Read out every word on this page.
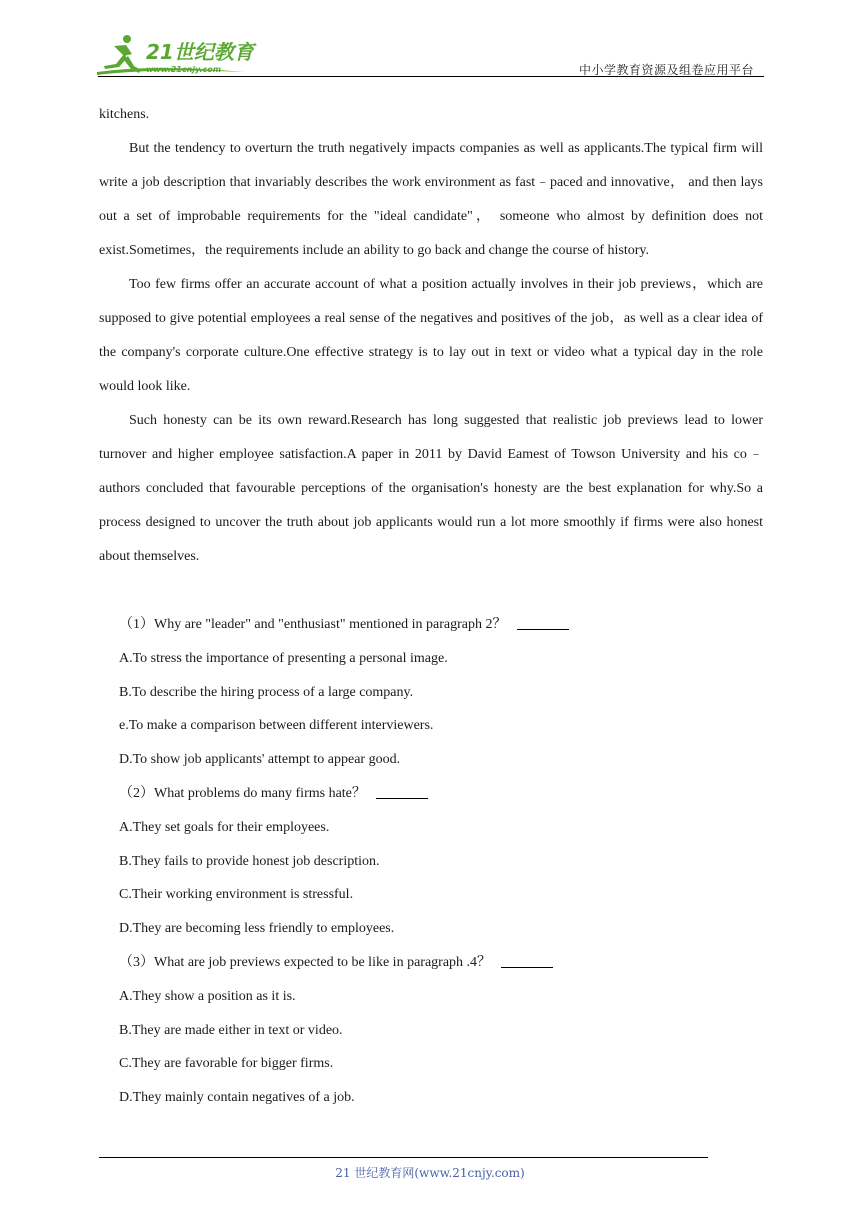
21世纪教育
www.21cnjy.com	中小学教育资源及组卷应用平台

kitchens.

But the tendency to overturn the truth negatively impacts companies as well as applicants.The typical firm will write a job description that invariably describes the work environment as fast﹣paced and innovative， and then lays out a set of improbable requirements for the "ideal candidate"， someone who almost by definition does not exist.Sometimes，the requirements include an ability to go back and change the course of history.

Too few firms offer an accurate account of what a position actually involves in their job previews，which are supposed to give potential employees a real sense of the negatives and positives of the job，as well as a clear idea of the company's corporate culture.One effective strategy is to lay out in text or video what a typical day in the role would look like.

Such honesty can be its own reward.Research has long suggested that realistic job previews lead to lower turnover and higher employee satisfaction.A paper in 2011 by David Eamest of Towson University and his co﹣authors concluded that favourable perceptions of the organisation's honesty are the best explanation for why.So a process designed to uncover the truth about job applicants would run a lot more smoothly if firms were also honest about themselves.

（1）Why are "leader" and "enthusiast" mentioned in paragraph 2？

A.To stress the importance of presenting a personal image.

B.To describe the hiring process of a large company.

e.To make a comparison between different interviewers.

D.To show job applicants' attempt to appear good.

（2）What problems do many firms hate？

A.They set goals for their employees.

B.They fails to provide honest job description.

C.Their working environment is stressful.

D.They are becoming less friendly to employees.

（3）What are job previews expected to be like in paragraph .4？

A.They show a position as it is.

B.They are made either in text or video.

C.They are favorable for bigger firms.

D.They mainly contain negatives of a job.

21 世纪教育网(www.21cnjy.com)
